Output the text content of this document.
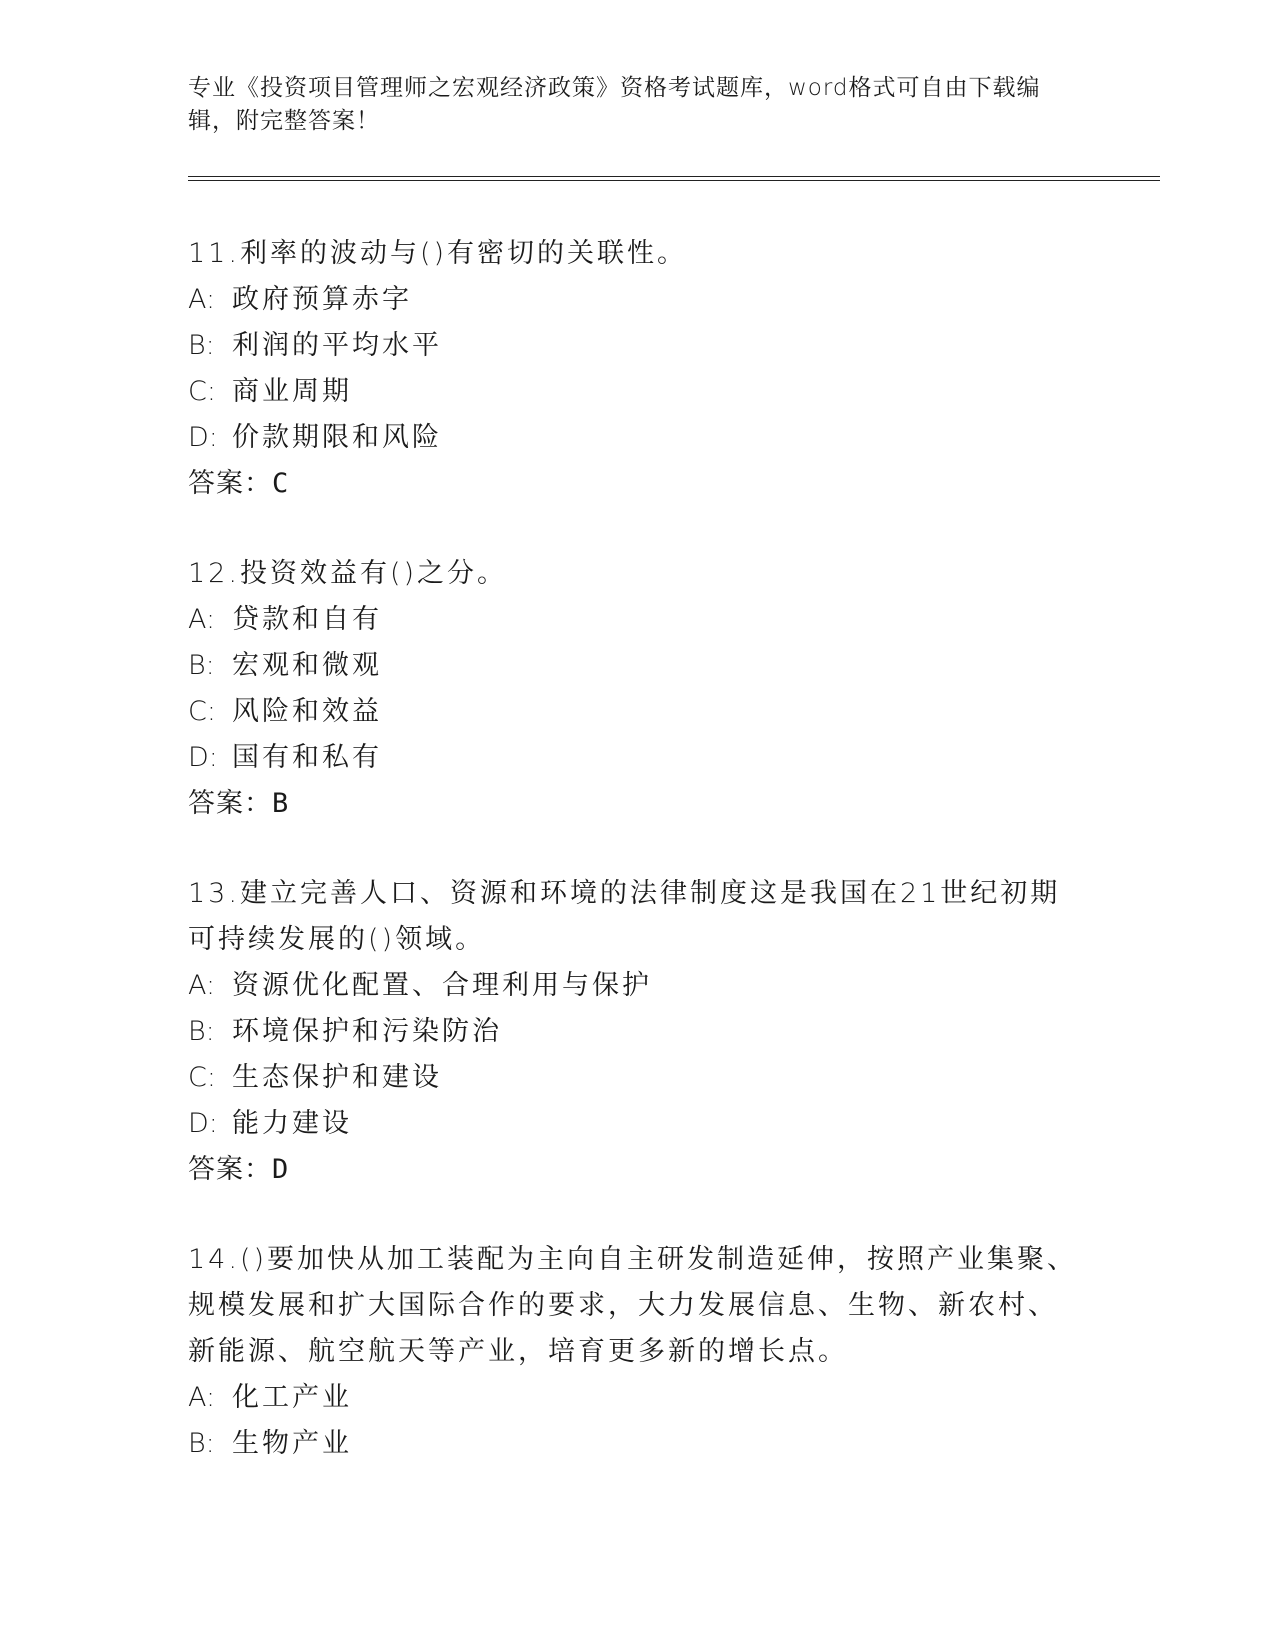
专业《投资项目管理师之宏观经济政策》资格考试题库，word格式可自由下载编辑，附完整答案！

11.利率的波动与()有密切的关联性。

A: 政府预算赤字

B: 利润的平均水平

C: 商业周期

D: 价款期限和风险

答案：C

12.投资效益有()之分。

A: 贷款和自有

B: 宏观和微观

C: 风险和效益

D: 国有和私有

答案：B

13.建立完善人口、资源和环境的法律制度这是我国在21世纪初期可持续发展的()领域。

A: 资源优化配置、合理利用与保护

B: 环境保护和污染防治

C: 生态保护和建设

D: 能力建设

答案：D

14.()要加快从加工装配为主向自主研发制造延伸，按照产业集聚、规模发展和扩大国际合作的要求，大力发展信息、生物、新农村、新能源、航空航天等产业，培育更多新的增长点。

A: 化工产业

B: 生物产业
